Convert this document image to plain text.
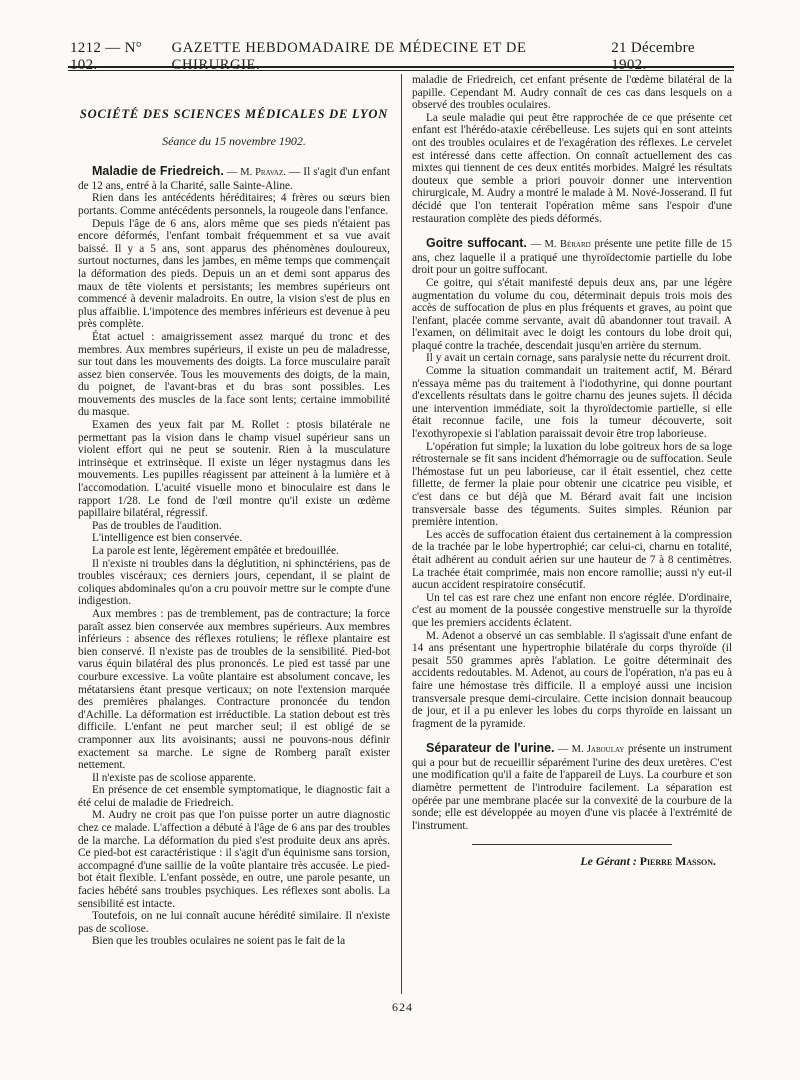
1212 — N° 102.
GAZETTE HEBDOMADAIRE DE MÉDECINE ET DE CHIRURGIE.
21 Décembre 1902.
SOCIÉTÉ DES SCIENCES MÉDICALES DE LYON
Séance du 15 novembre 1902.

Maladie de Friedreich. — M. Pravaz. — Il s'agit d'un enfant de 12 ans, entré à la Charité, salle Sainte-Aline.

Rien dans les antécédents héréditaires; 4 frères ou sœurs bien portants. Comme antécédents personnels, la rougeole dans l'enfance.

Depuis l'âge de 6 ans, alors même que ses pieds n'étaient pas encore déformés, l'enfant tombait fréquemment et sa vue avait baissé. Il y a 5 ans, sont apparus des phénomènes douloureux, surtout nocturnes, dans les jambes, en même temps que commençait la déformation des pieds. Depuis un an et demi sont apparus des maux de tête violents et persistants; les membres supérieurs ont commencé à devenir maladroits. En outre, la vision s'est de plus en plus affaiblie. L'impotence des membres inférieurs est devenue à peu près complète.

État actuel : amaigrissement assez marqué du tronc et des membres. Aux membres supérieurs, il existe un peu de maladresse, sur tout dans les mouvements des doigts. La force musculaire paraît assez bien conservée. Tous les mouvements des doigts, de la main, du poignet, de l'avant-bras et du bras sont possibles. Les mouvements des muscles de la face sont lents; certaine immobilité du masque.

Examen des yeux fait par M. Rollet : ptosis bilatérale ne permettant pas la vision dans le champ visuel supérieur sans un violent effort qui ne peut se soutenir. Rien à la musculature intrinsèque et extrinsèque. Il existe un léger nystagmus dans les mouvements. Les pupilles réagissent par atteinent à la lumière et à l'accomodation. L'acuité visuelle mono et binoculaire est dans le rapport 1/28. Le fond de l'œil montre qu'il existe un œdème papillaire bilatéral, régressif.

Pas de troubles de l'audition.

L'intelligence est bien conservée.

La parole est lente, légèrement empâtée et bredouillée.

Il n'existe ni troubles dans la déglutition, ni sphinctériens, pas de troubles viscéraux; ces derniers jours, cependant, il se plaint de coliques abdominales qu'on a cru pouvoir mettre sur le compte d'une indigestion.

Aux membres : pas de tremblement, pas de contracture; la force paraît assez bien conservée aux membres supérieurs. Aux membres inférieurs : absence des réflexes rotuliens; le réflexe plantaire est bien conservé. Il n'existe pas de troubles de la sensibilité. Pied-bot varus équin bilatéral des plus prononcés. Le pied est tassé par une courbure excessive. La voûte plantaire est absolument concave, les métatarsiens étant presque verticaux; on note l'extension marquée des premières phalanges. Contracture prononcée du tendon d'Achille. La déformation est irréductible. La station debout est très difficile. L'enfant ne peut marcher seul; il est obligé de se cramponner aux lits avoisinants; aussi ne pouvons-nous définir exactement sa marche. Le signe de Romberg paraît exister nettement.

Il n'existe pas de scoliose apparente.

En présence de cet ensemble symptomatique, le diagnostic fait a été celui de maladie de Friedreich.

M. Audry ne croit pas que l'on puisse porter un autre diagnostic chez ce malade. L'affection a débuté à l'âge de 6 ans par des troubles de la marche. La déformation du pied s'est produite deux ans après. Ce pied-bot est caractéristique : il s'agit d'un équinisme sans torsion, accompagné d'une saillie de la voûte plantaire très accusée. Le pied-bot était flexible. L'enfant possède, en outre, une parole pesante, un facies hébété sans troubles psychiques. Les réflexes sont abolis. La sensibilité est intacte.

Toutefois, on ne lui connaît aucune hérédité similaire. Il n'existe pas de scoliose.

Bien que les troubles oculaires ne soient pas le fait de la

maladie de Friedreich, cet enfant présente de l'œdème bilatéral de la papille. Cependant M. Audry connaît de ces cas dans lesquels on a observé des troubles oculaires.

La seule maladie qui peut être rapprochée de ce que présente cet enfant est l'hérédo-ataxie cérébelleuse. Les sujets qui en sont atteints ont des troubles oculaires et de l'exagération des réflexes. Le cervelet est intéressé dans cette affection. On connaît actuellement des cas mixtes qui tiennent de ces deux entités morbides. Malgré les résultats douteux que semble a priori pouvoir donner une intervention chirurgicale, M. Audry a montré le malade à M. Nové-Josserand. Il fut décidé que l'on tenterait l'opération même sans l'espoir d'une restauration complète des pieds déformés.

Goitre suffocant. — M. Bérard présente une petite fille de 15 ans, chez laquelle il a pratiqué une thyroïdectomie partielle du lobe droit pour un goitre suffocant.

Ce goitre, qui s'était manifesté depuis deux ans, par une légère augmentation du volume du cou, déterminait depuis trois mois des accès de suffocation de plus en plus fréquents et graves, au point que l'enfant, placée comme servante, avait dû abandonner tout travail. A l'examen, on délimitait avec le doigt les contours du lobe droit qui, plaqué contre la trachée, descendait jusqu'en arrière du sternum.

Il y avait un certain cornage, sans paralysie nette du récurrent droit.

Comme la situation commandait un traitement actif, M. Bérard n'essaya même pas du traitement à l'iodothyrine, qui donne pourtant d'excellents résultats dans le goitre charnu des jeunes sujets. Il décida une intervention immédiate, soit la thyroïdectomie partielle, si elle était reconnue facile, une fois la tumeur découverte, soit l'exothyropexie si l'ablation paraissait devoir être trop laborieuse.

L'opération fut simple; la luxation du lobe goitreux hors de sa loge rétrosternale se fit sans incident d'hémorragie ou de suffocation. Seule l'hémostase fut un peu laborieuse, car il était essentiel, chez cette fillette, de fermer la plaie pour obtenir une cicatrice peu visible, et c'est dans ce but déjà que M. Bérard avait fait une incision transversale basse des téguments. Suites simples. Réunion par première intention.

Les accès de suffocation étaient dus certainement à la compression de la trachée par le lobe hypertrophié; car celui-ci, charnu en totalité, était adhérent au conduit aérien sur une hauteur de 7 à 8 centimètres. La trachée était comprimée, mais non encore ramollie; aussi n'y eut-il aucun accident respiratoire consécutif.

Un tel cas est rare chez une enfant non encore réglée. D'ordinaire, c'est au moment de la poussée congestive menstruelle sur la thyroïde que les premiers accidents éclatent.

M. Adenot a observé un cas semblable. Il s'agissait d'une enfant de 14 ans présentant une hypertrophie bilatérale du corps thyroïde (il pesait 550 grammes après l'ablation. Le goitre déterminait des accidents redoutables. M. Adenot, au cours de l'opération, n'a pas eu à faire une hémostase très difficile. Il a employé aussi une incision transversale presque demi-circulaire. Cette incision donnait beaucoup de jour, et il a pu enlever les lobes du corps thyroïde en laissant un fragment de la pyramide.

Séparateur de l'urine. — M. Jaboulay présente un instrument qui a pour but de recueillir séparément l'urine des deux uretères. C'est une modification qu'il a faite de l'appareil de Luys. La courbure et son diamètre permettent de l'introduire facilement. La séparation est opérée par une membrane placée sur la convexité de la courbure de la sonde; elle est développée au moyen d'une vis placée à l'extrémité de l'instrument.

Le Gérant : Pierre Masson.
624
